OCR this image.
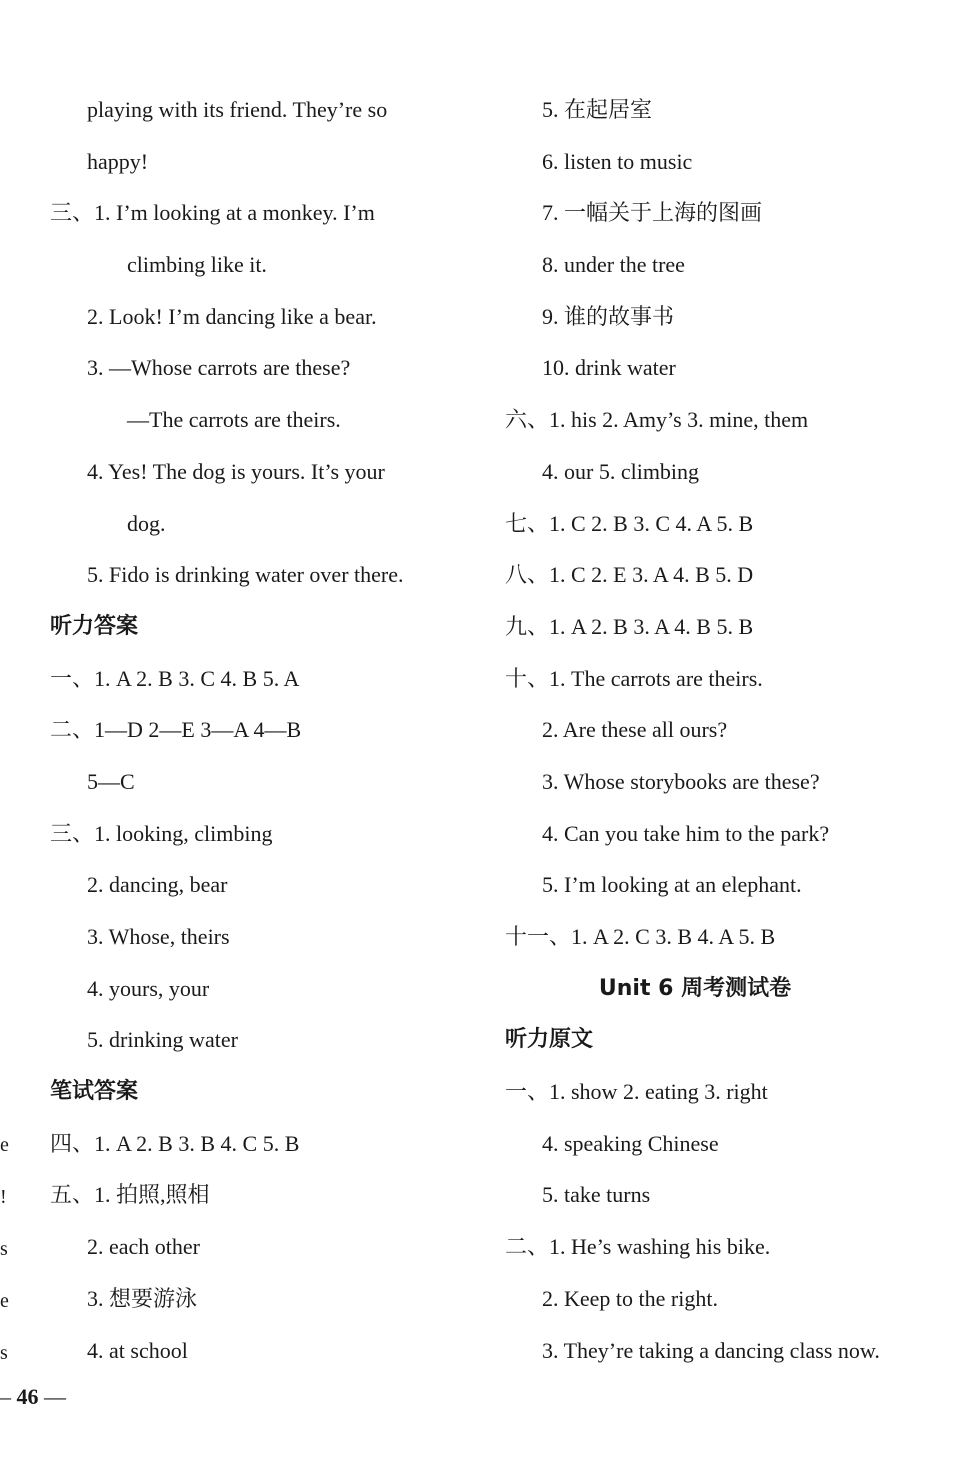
playing with its friend. They’re so
happy!
三、1. I’m looking at a monkey. I’m
climbing like it.
2. Look! I’m dancing like a bear.
3. —Whose carrots are these?
—The carrots are theirs.
4. Yes! The dog is yours. It’s your
dog.
5. Fido is drinking water over there.
听力答案
一、1. A 2. B 3. C 4. B 5. A
二、1—D 2—E 3—A 4—B
5—C
三、1. looking, climbing
2. dancing, bear
3. Whose, theirs
4. yours, your
5. drinking water
笔试答案
四、1. A 2. B 3. B 4. C 5. B
五、1. 拍照,照相
2. each other
3. 想要游泳
4. at school
5. 在起居室
6. listen to music
7. 一幅关于上海的图画
8. under the tree
9. 谁的故事书
10. drink water
六、1. his 2. Amy’s 3. mine, them
4. our 5. climbing
七、1. C 2. B 3. C 4. A 5. B
八、1. C 2. E 3. A 4. B 5. D
九、1. A 2. B 3. A 4. B 5. B
十、1. The carrots are theirs.
2. Are these all ours?
3. Whose storybooks are these?
4. Can you take him to the park?
5. I’m looking at an elephant.
十一、1. A 2. C 3. B 4. A 5. B
Unit 6 周考测试卷
听力原文
一、1. show 2. eating 3. right
4. speaking Chinese
5. take turns
二、1. He’s washing his bike.
2. Keep to the right.
3. They’re taking a dancing class now.
e
!
s
e
s
– 46 —
